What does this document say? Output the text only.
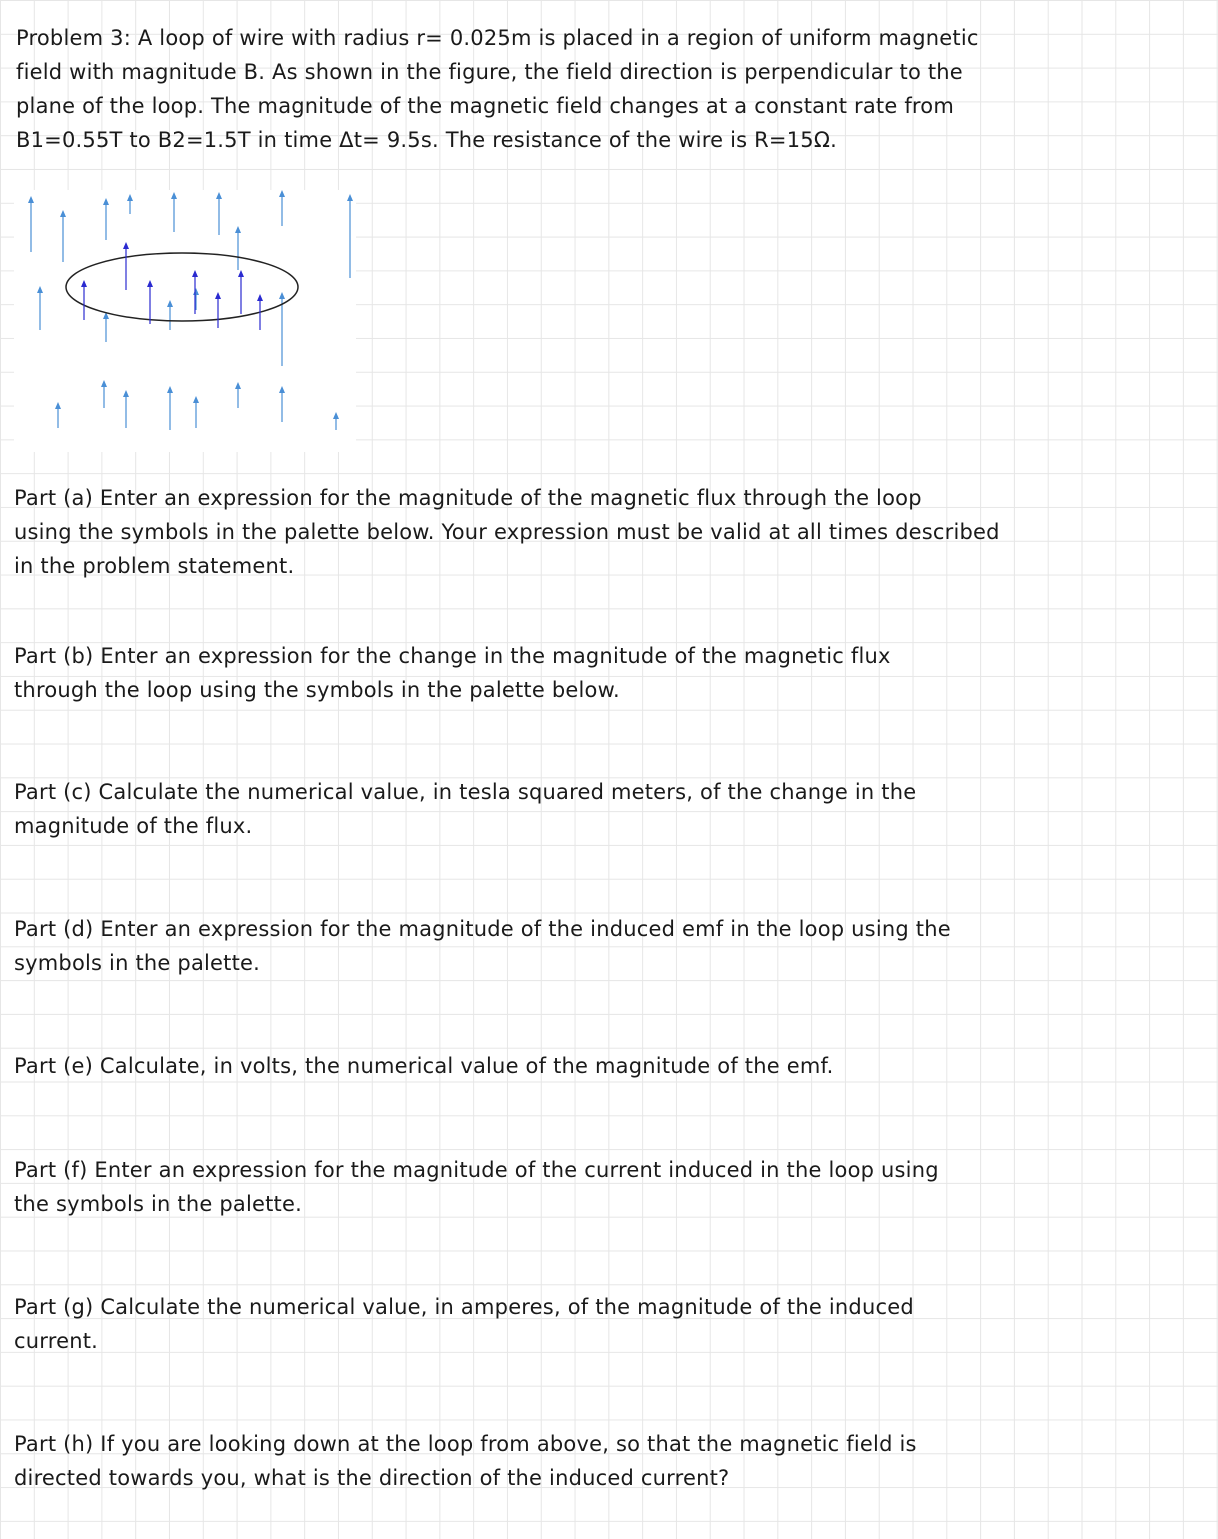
Problem 3: A loop of wire with radius r= 0.025m is placed in a region of uniform magnetic
field with magnitude B. As shown in the figure, the field direction is perpendicular to the
plane of the loop. The magnitude of the magnetic field changes at a constant rate from
B1=0.55T to B2=1.5T in time Δt= 9.5s. The resistance of the wire is R=15Ω.
Part (a) Enter an expression for the magnitude of the magnetic flux through the loop
using the symbols in the palette below. Your expression must be valid at all times described
in the problem statement.
Part (b) Enter an expression for the change in the magnitude of the magnetic flux
through the loop using the symbols in the palette below.
Part (c) Calculate the numerical value, in tesla squared meters, of the change in the
magnitude of the flux.
Part (d) Enter an expression for the magnitude of the induced emf in the loop using the
symbols in the palette.
Part (e) Calculate, in volts, the numerical value of the magnitude of the emf.
Part (f) Enter an expression for the magnitude of the current induced in the loop using
the symbols in the palette.
Part (g) Calculate the numerical value, in amperes, of the magnitude of the induced
current.
Part (h) If you are looking down at the loop from above, so that the magnetic field is
directed towards you, what is the direction of the induced current?
